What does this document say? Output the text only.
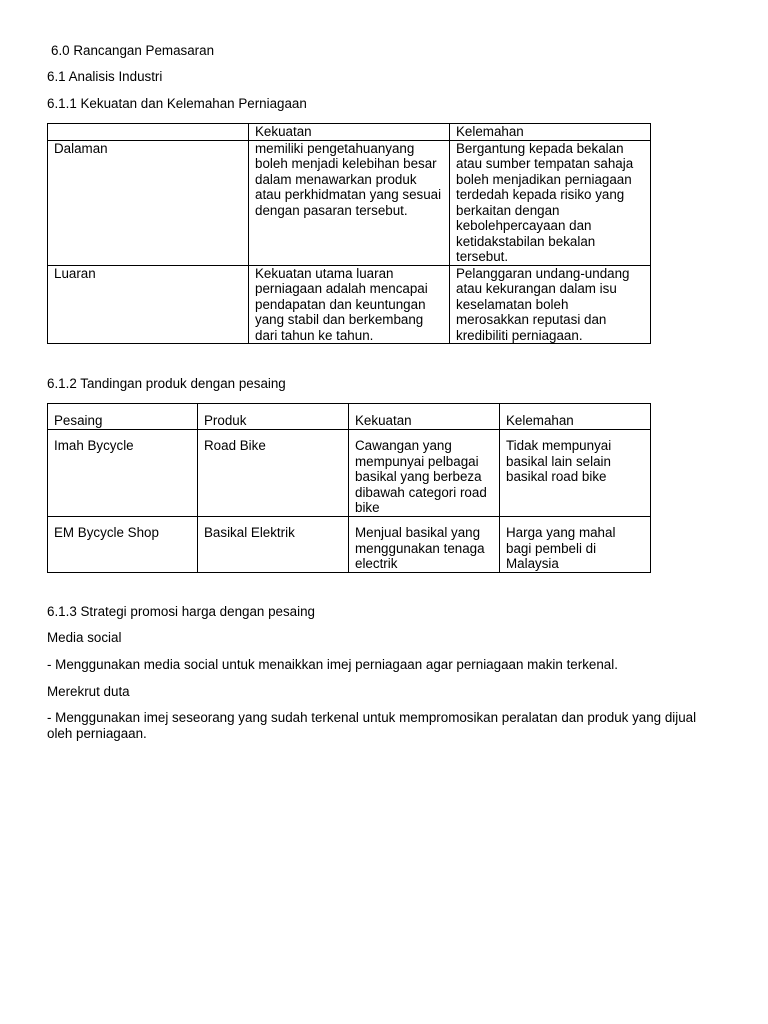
6.0 Rancangan Pemasaran

6.1 Analisis Industri

6.1.1 Kekuatan dan Kelemahan Perniagaan

	Kekuatan	Kelemahan
Dalaman	memiliki pengetahuanyang boleh menjadi kelebihan besar dalam menawarkan produk atau perkhidmatan yang sesuai dengan pasaran tersebut.	Bergantung kepada bekalan atau sumber tempatan sahaja boleh menjadikan perniagaan terdedah kepada risiko yang berkaitan dengan kebolehpercayaan dan ketidakstabilan bekalan tersebut.
Luaran	Kekuatan utama luaran perniagaan adalah mencapai pendapatan dan keuntungan yang stabil dan berkembang dari tahun ke tahun.	Pelanggaran undang-undang atau kekurangan dalam isu keselamatan boleh merosakkan reputasi dan kredibiliti perniagaan.

6.1.2 Tandingan produk dengan pesaing

Pesaing	Produk	Kekuatan	Kelemahan
Imah Bycycle	Road Bike	Cawangan yang mempunyai pelbagai basikal yang berbeza dibawah categori road bike	Tidak mempunyai basikal lain selain basikal road bike
EM Bycycle Shop	Basikal Elektrik	Menjual basikal yang menggunakan tenaga electrik	Harga yang mahal bagi pembeli di Malaysia

6.1.3 Strategi promosi harga dengan pesaing

Media social

- Menggunakan media social untuk menaikkan imej perniagaan agar perniagaan makin terkenal.

Merekrut duta

- Menggunakan imej seseorang yang sudah terkenal untuk mempromosikan peralatan dan produk yang dijual oleh perniagaan.
